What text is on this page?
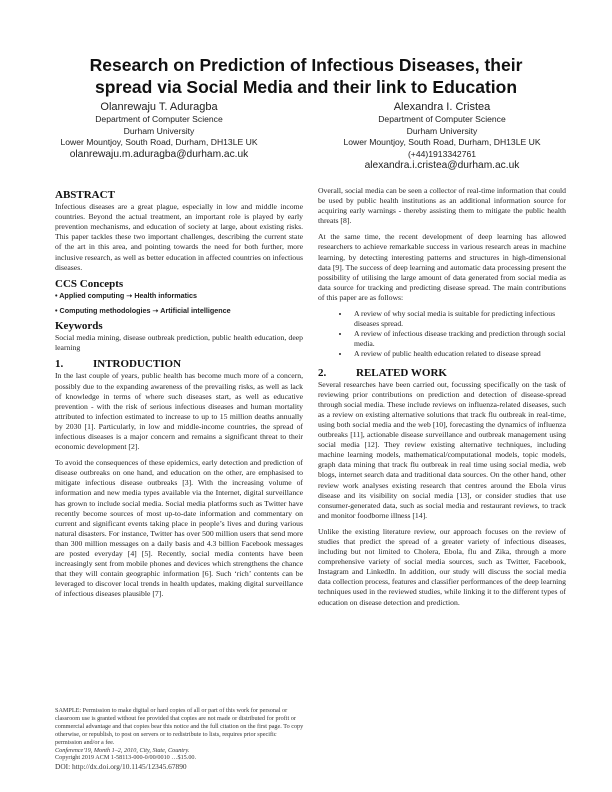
Research on Prediction of Infectious Diseases, their
spread via Social Media and their link to Education
Olanrewaju T. Aduragba
Department of Computer Science
Durham University
Lower Mountjoy, South Road, Durham, DH13LE UK
olanrewaju.m.aduragba@durham.ac.uk
Alexandra I. Cristea
Department of Computer Science
Durham University
Lower Mountjoy, South Road, Durham, DH13LE UK
(+44)1913342761
alexandra.i.cristea@durham.ac.uk
ABSTRACT

Infectious diseases are a great plague, especially in low and middle income countries. Beyond the actual treatment, an important role is played by early prevention mechanisms, and education of society at large, about existing risks. This paper tackles these two important challenges, describing the current state of the art in this area, and pointing towards the need for both further, more inclusive research, as well as better education in affected countries on infectious diseases.

CCS Concepts
• Applied computing ➝ Health informatics
• Computing methodologies ➝ Artificial intelligence
Keywords

Social media mining, disease outbreak prediction, public health education, deep learning

1.	INTRODUCTION

In the last couple of years, public health has become much more of a concern, possibly due to the expanding awareness of the prevailing risks, as well as lack of knowledge in terms of where such diseases start, as well as educative prevention - with the risk of serious infectious diseases and human mortality attributed to infection estimated to increase to up to 15 million deaths annually by 2030 [1]. Particularly, in low and middle-income countries, the spread of infectious diseases is a major concern and remains a significant threat to their economic development [2].

To avoid the consequences of these epidemics, early detection and prediction of disease outbreaks on one hand, and education on the other, are emphasised to mitigate infectious disease outbreaks [3]. With the increasing volume of information and new media types available via the Internet, digital surveillance has grown to include social media. Social media platforms such as Twitter have recently become sources of most up-to-date information and commentary on current and significant events taking place in people’s lives and during various natural disasters. For instance, Twitter has over 500 million users that send more than 300 million messages on a daily basis and 4.3 billion Facebook messages are posted everyday [4] [5]. Recently, social media contents have been increasingly sent from mobile phones and devices which strengthens the chance that they will contain geographic information [6]. Such ‘rich’ contents can be leveraged to discover local trends in health updates, making digital surveillance of infectious diseases plausible [7].

Overall, social media can be seen a collector of real-time information that could be used by public health institutions as an additional information source for acquiring early warnings - thereby assisting them to mitigate the public health threats [8].

At the same time, the recent development of deep learning has allowed researchers to achieve remarkable success in various research areas in machine learning, by detecting interesting patterns and structures in high-dimensional data [9]. The success of deep learning and automatic data processing present the possibility of utilising the large amount of data generated from social media as data source for tracking and predicting disease spread. The main contributions of this paper are as follows:

• A review of why social media is suitable for predicting infectious diseases spread.
• A review of infectious disease tracking and prediction through social media.
• A review of public health education related to disease spread
2.	RELATED WORK

Several researches have been carried out, focussing specifically on the task of reviewing prior contributions on prediction and detection of disease-spread through social media. These include reviews on influenza-related diseases, such as a review on existing alternative solutions that track flu outbreak in real-time, using both social media and the web [10], forecasting the dynamics of influenza outbreaks [11], actionable disease surveillance and outbreak management using social media [12]. They review existing alternative techniques, including machine learning models, mathematical/computational models, topic models, graph data mining that track flu outbreak in real time using social media, web blogs, internet search data and traditional data sources. On the other hand, other review work analyses existing research that centres around the Ebola virus disease and its visibility on social media [13], or consider studies that use consumer-generated data, such as social media and restaurant reviews, to track and monitor foodborne illness [14].

Unlike the existing literature review, our approach focuses on the review of studies that predict the spread of a greater variety of infectious diseases, including but not limited to Cholera, Ebola, flu and Zika, through a more comprehensive variety of social media sources, such as Twitter, Facebook, Instagram and LinkedIn. In addition, our study will discuss the social media data collection process, features and classifier performances of the deep learning techniques used in the reviewed studies, while linking it to the different types of education on disease detection and prediction.

SAMPLE: Permission to make digital or hard copies of all or part of this work for personal or classroom use is granted without fee provided that copies are not made or distributed for profit or commercial advantage and that copies bear this notice and the full citation on the first page. To copy otherwise, or republish, to post on servers or to redistribute to lists, requires prior specific permission and/or a fee.
Conference'19, Month 1–2, 2010, City, State, Country.
Copyright 2019 ACM 1-58113-000-0/00/0010 …$15.00.
DOI: http://dx.doi.org/10.1145/12345.67890
